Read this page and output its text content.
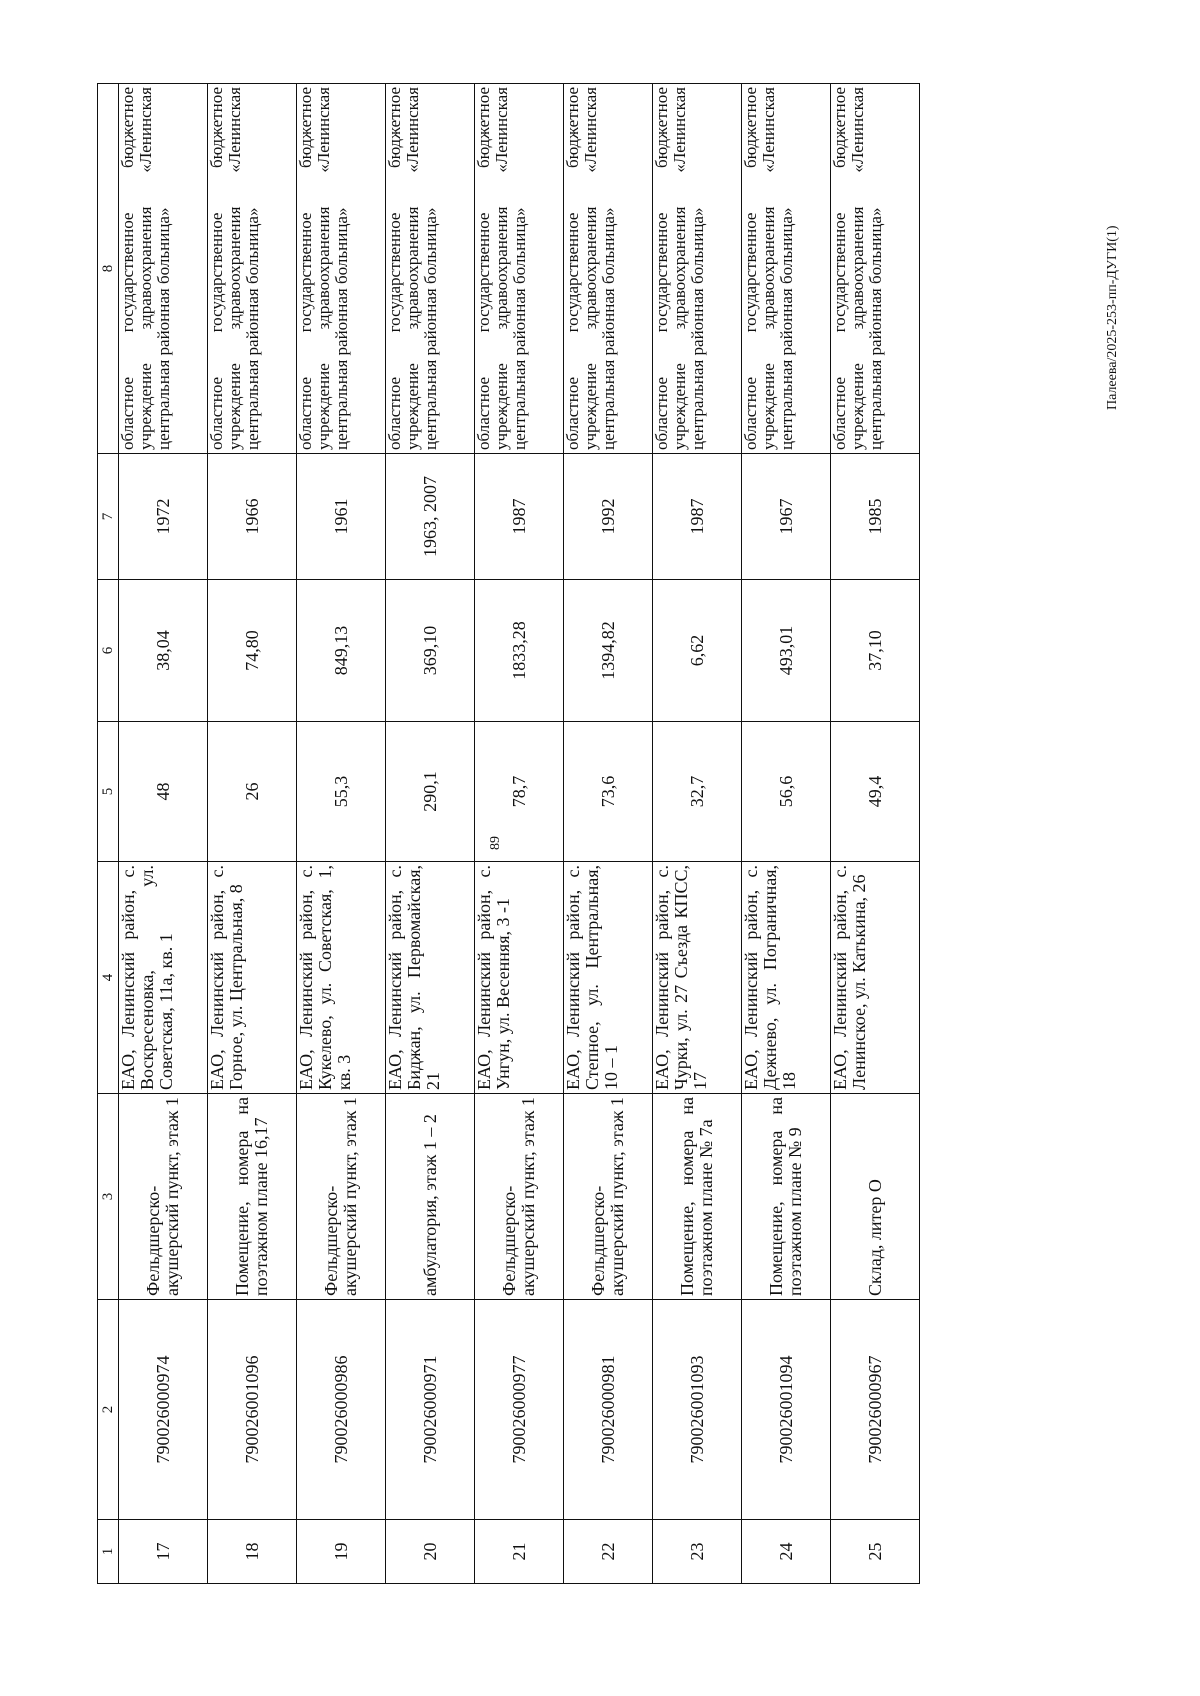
89
Палеева/2025-253-пп-ДУГИ(1)
1	2	3	4	5	6	7	8
17	790026000974	Фельдшерско-акушерский пункт, этаж 1	ЕАО, Ленинский район, с. Воскресеновка, ул. Советская, 11а, кв. 1	48	38,04	1972	областное государственное бюджетное учреждение здравоохранения «Ленинская центральная районная больница»
18	790026001096	Помещение, номера на поэтажном плане 16,17	ЕАО, Ленинский район, с. Горное, ул. Центральная, 8	26	74,80	1966	областное государственное бюджетное учреждение здравоохранения «Ленинская центральная районная больница»
19	790026000986	Фельдшерско-акушерский пункт, этаж 1	ЕАО, Ленинский район, с. Кукелево, ул. Советская, 1, кв. 3	55,3	849,13	1961	областное государственное бюджетное учреждение здравоохранения «Ленинская центральная районная больница»
20	790026000971	амбулатория, этаж 1 – 2	ЕАО, Ленинский район, с. Биджан, ул. Первомайская, 21	290,1	369,10	1963, 2007	областное государственное бюджетное учреждение здравоохранения «Ленинская центральная районная больница»
21	790026000977	Фельдшерско-акушерский пункт, этаж 1	ЕАО, Ленинский район, с. Унгун, ул. Весенняя, 3 -1	78,7	1833,28	1987	областное государственное бюджетное учреждение здравоохранения «Ленинская центральная районная больница»
22	790026000981	Фельдшерско-акушерский пункт, этаж 1	ЕАО, Ленинский район, с. Степное, ул. Центральная, 10 – 1	73,6	1394,82	1992	областное государственное бюджетное учреждение здравоохранения «Ленинская центральная районная больница»
23	790026001093	Помещение, номера на поэтажном плане № 7а	ЕАО, Ленинский район, с. Чурки, ул. 27 Съезда КПСС, 17	32,7	6,62	1987	областное государственное бюджетное учреждение здравоохранения «Ленинская центральная районная больница»
24	790026001094	Помещение, номера на поэтажном плане № 9	ЕАО, Ленинский район, с. Дежнево, ул. Пограничная, 18	56,6	493,01	1967	областное государственное бюджетное учреждение здравоохранения «Ленинская центральная районная больница»
25	790026000967	Склад, литер О	ЕАО, Ленинский район, с. Ленинское, ул. Катькина, 26	49,4	37,10	1985	областное государственное бюджетное учреждение здравоохранения «Ленинская центральная районная больница»
